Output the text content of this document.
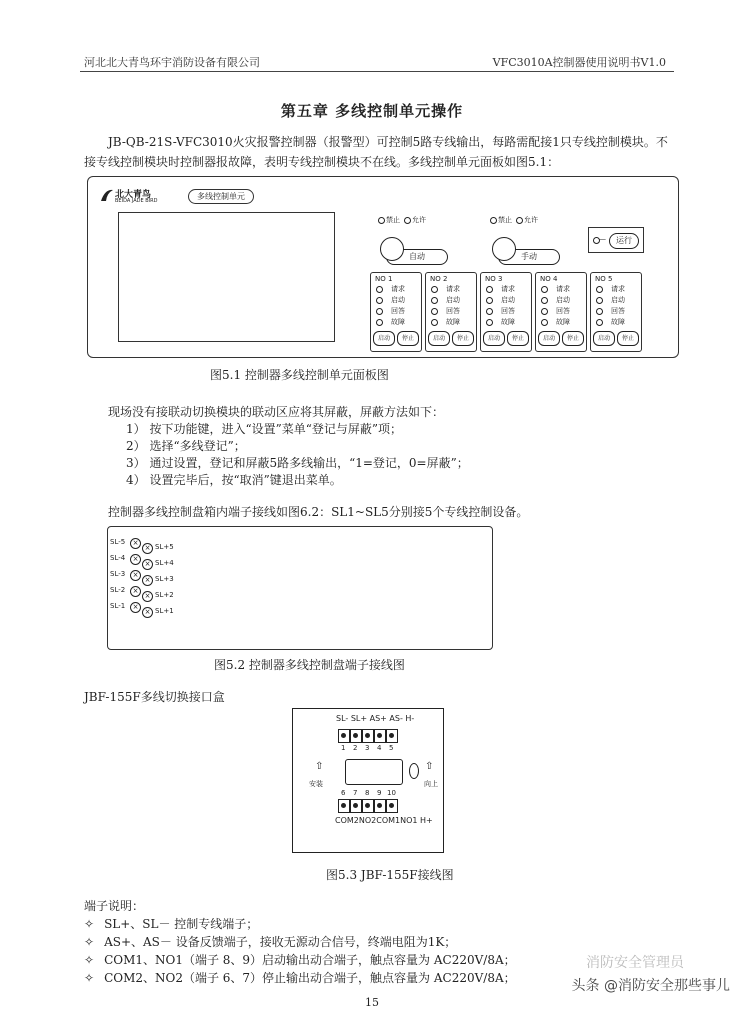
河北北大青鸟环宇消防设备有限公司	VFC3010A控制器使用说明书V1.0
第五章 多线控制单元操作
JB-QB-21S-VFC3010火灾报警控制器（报警型）可控制5路专线输出，每路需配接1只专线控制模块。不接专线控制模块时控制器报故障，表明专线控制模块不在线。多线控制单元面板如图5.1：
北大青鸟
BEIDA JADE BIRD	多线控制单元
禁止 允许
自动
禁止 允许
手动
—	运行
NO 1
请求
启动
回答
故障
启动	停止
NO 2
请求
启动
回答
故障
启动	停止
NO 3
请求
启动
回答
故障
启动	停止
NO 4
请求
启动
回答
故障
启动	停止
NO 5
请求
启动
回答
故障
启动	停止
图5.1 控制器多线控制单元面板图
现场没有接联动切换模块的联动区应将其屏蔽，屏蔽方法如下：
1） 按下功能键，进入“设置”菜单“登记与屏蔽”项；
2） 选择“多线登记”；
3） 通过设置，登记和屏蔽5路多线输出，“1=登记，0=屏蔽”；
4） 设置完毕后，按“取消”键退出菜单。
控制器多线控制盘箱内端子接线如图6.2：SL1~SL5分别接5个专线控制设备。
SL-5	×
× SL+5
SL-4	×
× SL+4
SL-3	×
× SL+3
SL-2	×
× SL+2
SL-1	×
× SL+1
图5.2 控制器多线控制盘端子接线图
JBF-155F多线切换接口盒
SL- SL+ AS+ AS- H-
1 2 3 4 5
⇧
安装
⇧
向上
6 7 8 9 10
COM2NO2COM1NO1 H+
图5.3 JBF-155F接线图
端子说明：
✧ SL+、SL－ 控制专线端子；
✧ AS+、AS－ 设备反馈端子，接收无源动合信号，终端电阻为1K；
✧ COM1、NO1（端子 8、9）启动输出动合端子，触点容量为 AC220V/8A；
✧ COM2、NO2（端子 6、7）停止输出动合端子，触点容量为 AC220V/8A；
消防安全管理员
头条 @消防安全那些事儿
15
